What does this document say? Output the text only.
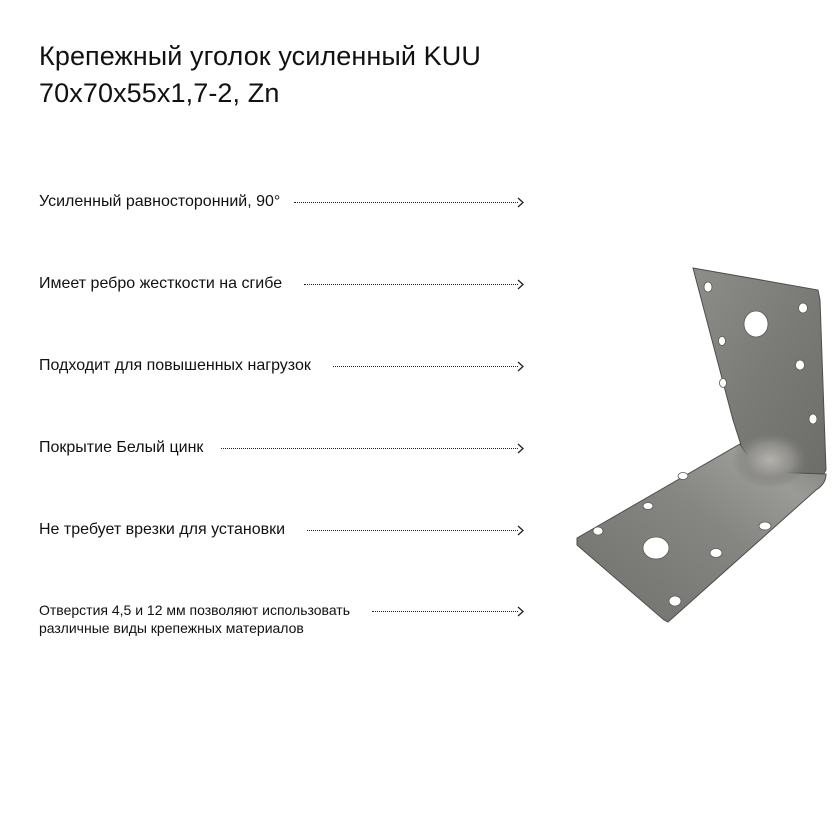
Крепежный уголок усиленный KUU
70x70x55x1,7-2, Zn
Усиленный равносторонний, 90°
Имеет ребро жесткости на сгибе
Подходит для повышенных нагрузок
Покрытие Белый цинк
Не требует врезки для установки
Отверстия 4,5 и 12 мм позволяют использовать
различные виды крепежных материалов
